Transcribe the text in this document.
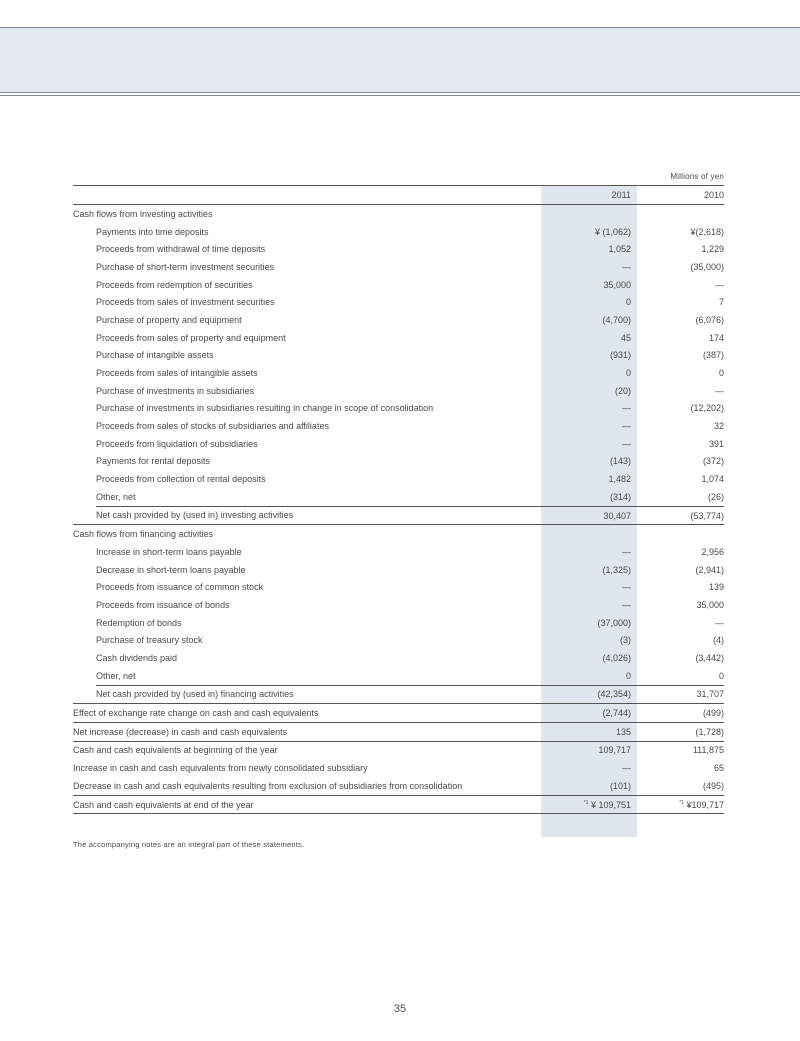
Millions of yen
	2011	2010
Cash flows from investing activities		
Payments into time deposits	¥ (1,062)	¥(2,618)
Proceeds from withdrawal of time deposits	1,052	1,229
Purchase of short-term investment securities	—	(35,000)
Proceeds from redemption of securities	35,000	—
Proceeds from sales of investment securities	0	7
Purchase of property and equipment	(4,700)	(6,076)
Proceeds from sales of property and equipment	45	174
Purchase of intangible assets	(931)	(387)
Proceeds from sales of intangible assets	0	0
Purchase of investments in subsidiaries	(20)	—
Purchase of investments in subsidiaries resulting in change in scope of consolidation	—	(12,202)
Proceeds from sales of stocks of subsidiaries and affiliates	—	32
Proceeds from liquidation of subsidiaries	—	391
Payments for rental deposits	(143)	(372)
Proceeds from collection of rental deposits	1,482	1,074
Other, net	(314)	(26)
Net cash provided by (used in) investing activities	30,407	(53,774)
Cash flows from financing activities		
Increase in short-term loans payable	—	2,956
Decrease in short-term loans payable	(1,325)	(2,941)
Proceeds from issuance of common stock	—	139
Proceeds from issuance of bonds	—	35,000
Redemption of bonds	(37,000)	—
Purchase of treasury stock	(3)	(4)
Cash dividends paid	(4,026)	(3,442)
Other, net	0	0
Net cash provided by (used in) financing activities	(42,354)	31,707
Effect of exchange rate change on cash and cash equivalents	(2,744)	(499)
Net increase (decrease) in cash and cash equivalents	135	(1,728)
Cash and cash equivalents at beginning of the year	109,717	111,875
Increase in cash and cash equivalents from newly consolidated subsidiary	—	65
Decrease in cash and cash equivalents resulting from exclusion of subsidiaries from consolidation	(101)	(495)
Cash and cash equivalents at end of the year	$^{*1}$ ¥ 109,751	$^{*1}$ ¥109,717
The accompanying notes are an integral part of these statements.
35
